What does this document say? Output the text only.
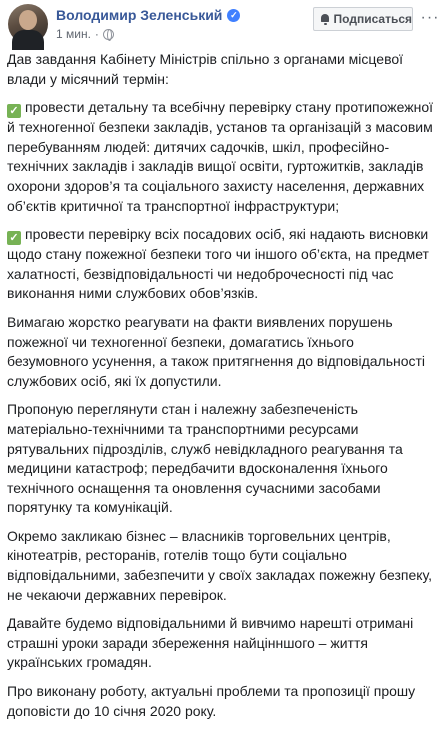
Володимир Зеленський ✓
1 мин. ·
Подписаться ···

Дав завдання Кабінету Міністрів спільно з органами місцевої влади у місячний термін:

✓ провести детальну та всебічну перевірку стану протипожежної й техногенної безпеки закладів, установ та організацій з масовим перебуванням людей: дитячих садочків, шкіл, професійно-технічних закладів і закладів вищої освіти, гуртожитків, закладів охорони здоров’я та соціального захисту населення, державних об’єктів критичної та транспортної інфраструктури;

✓ провести перевірку всіх посадових осіб, які надають висновки щодо стану пожежної безпеки того чи іншого об’єкта, на предмет халатності, безвідповідальності чи недоброчесності під час виконання ними службових обов’язків.

Вимагаю жорстко реагувати на факти виявлених порушень пожежної чи техногенної безпеки, домагатись їхнього безумовного усунення, а також притягнення до відповідальності службових осіб, які їх допустили.

Пропоную переглянути стан і належну забезпеченість матеріально-технічними та транспортними ресурсами рятувальних підрозділів, служб невідкладного реагування та медицини катастроф; передбачити вдосконалення їхнього технічного оснащення та оновлення сучасними засобами порятунку та комунікацій.

Окремо закликаю бізнес – власників торговельних центрів, кінотеатрів, ресторанів, готелів тощо бути соціально відповідальними, забезпечити у своїх закладах пожежну безпеку, не чекаючи державних перевірок.

Давайте будемо відповідальними й вивчимо нарешті отримані страшні уроки заради збереження найцінншого – життя українських громадян.

Про виконану роботу, актуальні проблеми та пропозиції прошу доповісти до 10 січня 2020 року.
